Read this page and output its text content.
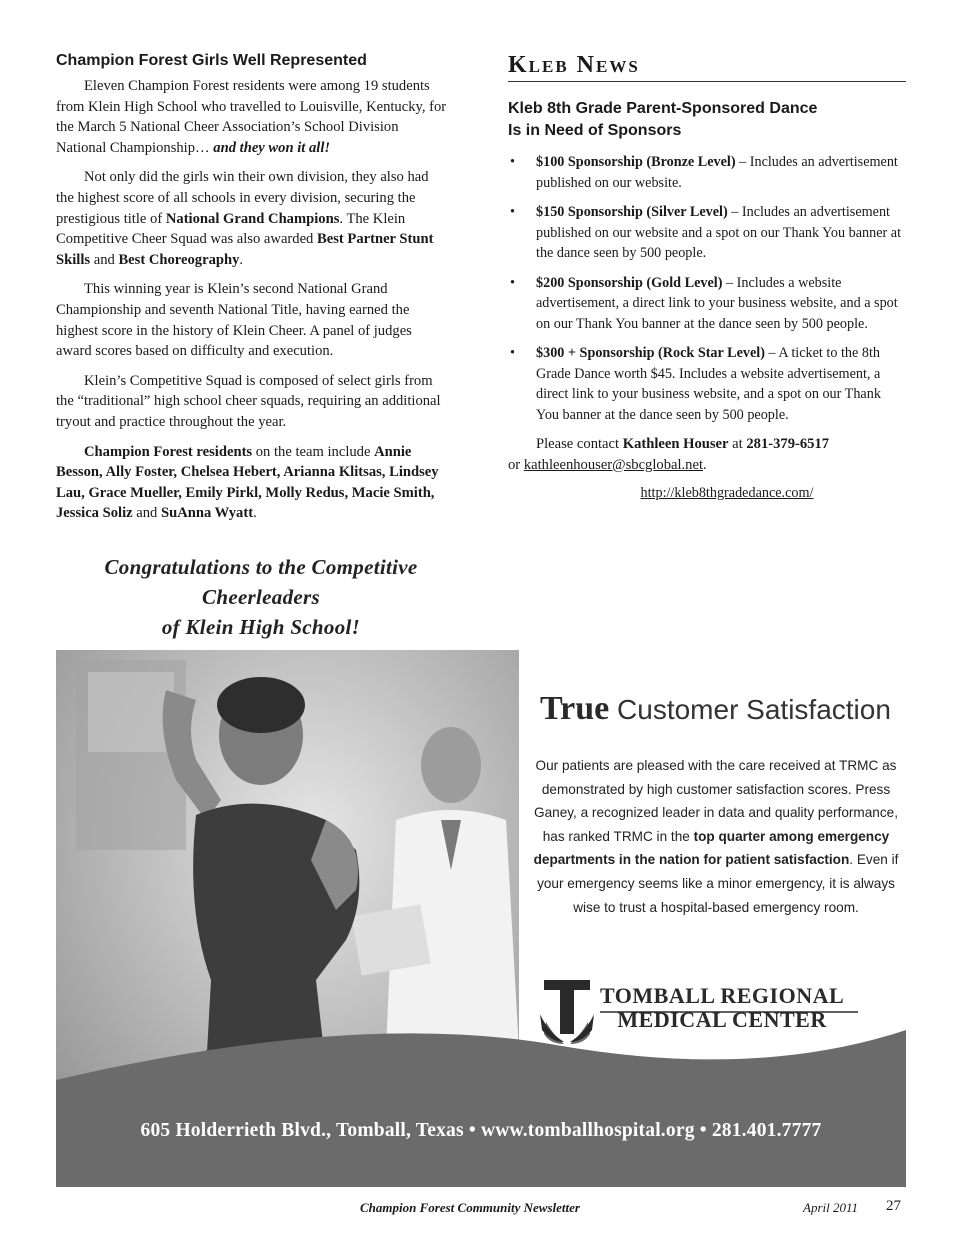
Champion Forest Girls Well Represented

Eleven Champion Forest residents were among 19 students from Klein High School who travelled to Louisville, Kentucky, for the March 5 National Cheer Association’s School Division National Championship… and they won it all!

Not only did the girls win their own division, they also had the highest score of all schools in every division, securing the prestigious title of National Grand Champions. The Klein Competitive Cheer Squad was also awarded Best Partner Stunt Skills and Best Choreography.

This winning year is Klein’s second National Grand Championship and seventh National Title, having earned the highest score in the history of Klein Cheer. A panel of judges award scores based on difficulty and execution.

Klein’s Competitive Squad is composed of select girls from the “traditional” high school cheer squads, requiring an additional tryout and practice throughout the year.

Champion Forest residents on the team include Annie Besson, Ally Foster, Chelsea Hebert, Arianna Klitsas, Lindsey Lau, Grace Mueller, Emily Pirkl, Molly Redus, Macie Smith, Jessica Soliz and SuAnna Wyatt.

Congratulations to the Competitive Cheerleaders
of Klein High School!
Kleb News
Kleb 8th Grade Parent-Sponsored Dance
Is in Need of Sponsors
• $100 Sponsorship (Bronze Level) – Includes an advertisement published on our website.
• $150 Sponsorship (Silver Level) – Includes an advertisement published on our website and a spot on our Thank You banner at the dance seen by 500 people.
• $200 Sponsorship (Gold Level) – Includes a website advertisement, a direct link to your business website, and a spot on our Thank You banner at the dance seen by 500 people.
• $300 + Sponsorship (Rock Star Level) – A ticket to the 8th Grade Dance worth $45. Includes a website advertisement, a direct link to your business website, and a spot on our Thank You banner at the dance seen by 500 people.

Please contact Kathleen Houser at 281-379-6517
or kathleenhouser@sbcglobal.net.

http://kleb8thgradedance.com/
True Customer Satisfaction
Our patients are pleased with the care received at TRMC as demonstrated by high customer satisfaction scores. Press Ganey, a recognized leader in data and quality performance, has ranked TRMC in the top quarter among emergency departments in the nation for patient satisfaction. Even if your emergency seems like a minor emergency, it is always wise to trust a hospital-based emergency room.
TOMBALL REGIONAL
MEDICAL CENTER
605 Holderrieth Blvd., Tomball, Texas • www.tomballhospital.org • 281.401.7777
Champion Forest Community Newsletter	April 2011 27
